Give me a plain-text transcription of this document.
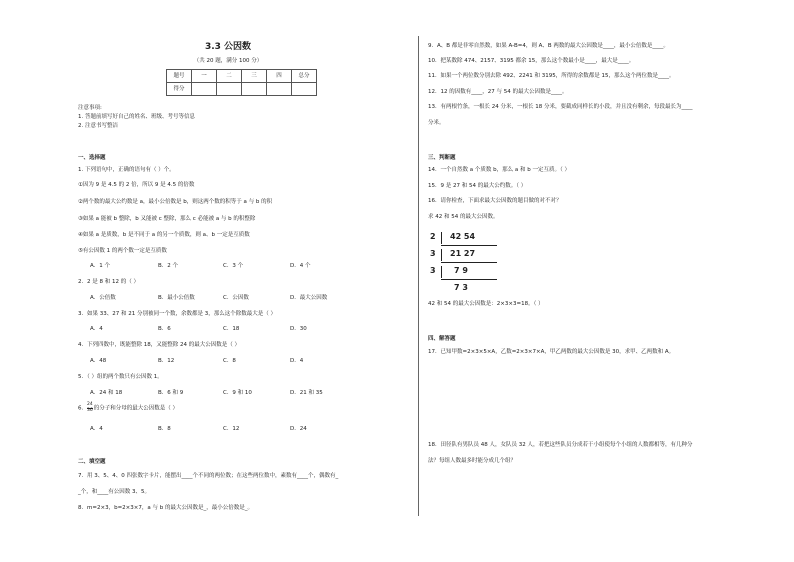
3.3 公因数
（共 20 题，满分 100 分）
题号	一	二	三	四	总分
得分					
注意事项:
1. 答题前填写好自己的姓名、班级、考号等信息
2. 注意书写整洁
一、选择题
1. 下列语句中，正确的语句有（ ）个。
①因为 9 是 4.5 的 2 倍，所以 9 是 4.5 的倍数
②两个数的最大公约数是 a，最小公倍数是 b，则这两个数的积等于 a 与 b 的积
③如果 a 能被 b 整除，b 又能被 c 整除，那么 c 必能被 a 与 b 的积整除
④如果 a 是质数，b 是不同于 a 的另一个质数，则 a、b 一定是互质数
⑤有公因数 1 的两个数一定是互质数
A．1 个	B．2 个	C．3 个	D．4 个
2．2 是 8 和 12 的（ ）
A．公倍数	B．最小公倍数	C．公因数	D．最大公因数
3．如果 33、27 和 21 分别被同一个数，余数都是 3，那么这个除数最大是（ ）
A．4	B．6	C．18	D．30
4．下列四数中，既能整除 18，又能整除 24 的最大公因数是（ ）
A．48	B．12	C．8	D．4
5．（ ）组的两个数只有公因数 1。
A．24 和 18	B．6 和 9	C．9 和 10	D．21 和 35
6． $\frac{24}{36}$ 的分子和分母的最大公因数是（ ）
A．4	B．8	C．12	D．24
二、填空题
7．用 3、5、4、0 四张数字卡片，能摆出____个不同的两位数；在这些两位数中，素数有____个，偶数有_
_个，和____有公因数 3、5。
8．m=2×3，b=2×3×7，a 与 b 的最大公因数是_，最小公倍数是_。
9．A、B 都是非零自然数，如果 A-B=4，则 A、B 两数的最大公因数是____，最小公倍数是____。
10．把某数除 474、2157、3195 都余 15，那么这个数最小是____，最大是____。
11．如果一个两位数分别去除 492、2241 和 3195，所得的余数都是 15，那么这个两位数是____。
12．12 的因数有____，27 与 54 的最大公因数是____。
13．有两根竹条，一根长 24 分米，一根长 18 分米，要截成同样长的小段，并且没有剩余，每段最长为____
分米。
三、判断题
14．一个自然数 a 个质数 b，那么 a 和 b 一定互质。（ ）
15．9 是 27 和 54 的最大公约数。（ ）
16．请你检查，下面求最大公因数的题目做的对不对？
求 42 和 54 的最大公因数。
42 和 54 的最大公因数是：2×3×3=18。（ ）
四、解答题
17．已知甲数=2×3×5×A，乙数=2×3×7×A，甲乙两数的最大公因数是 30，求甲、乙两数和 A。
18．田径队有男队员 48 人，女队员 32 人，若把这些队员分成若干小组使每个小组的人数都相等，有几种分
法？每组人数最多时能分成几个组？
2 42 54
3 21 27
3 7 9
7 3
